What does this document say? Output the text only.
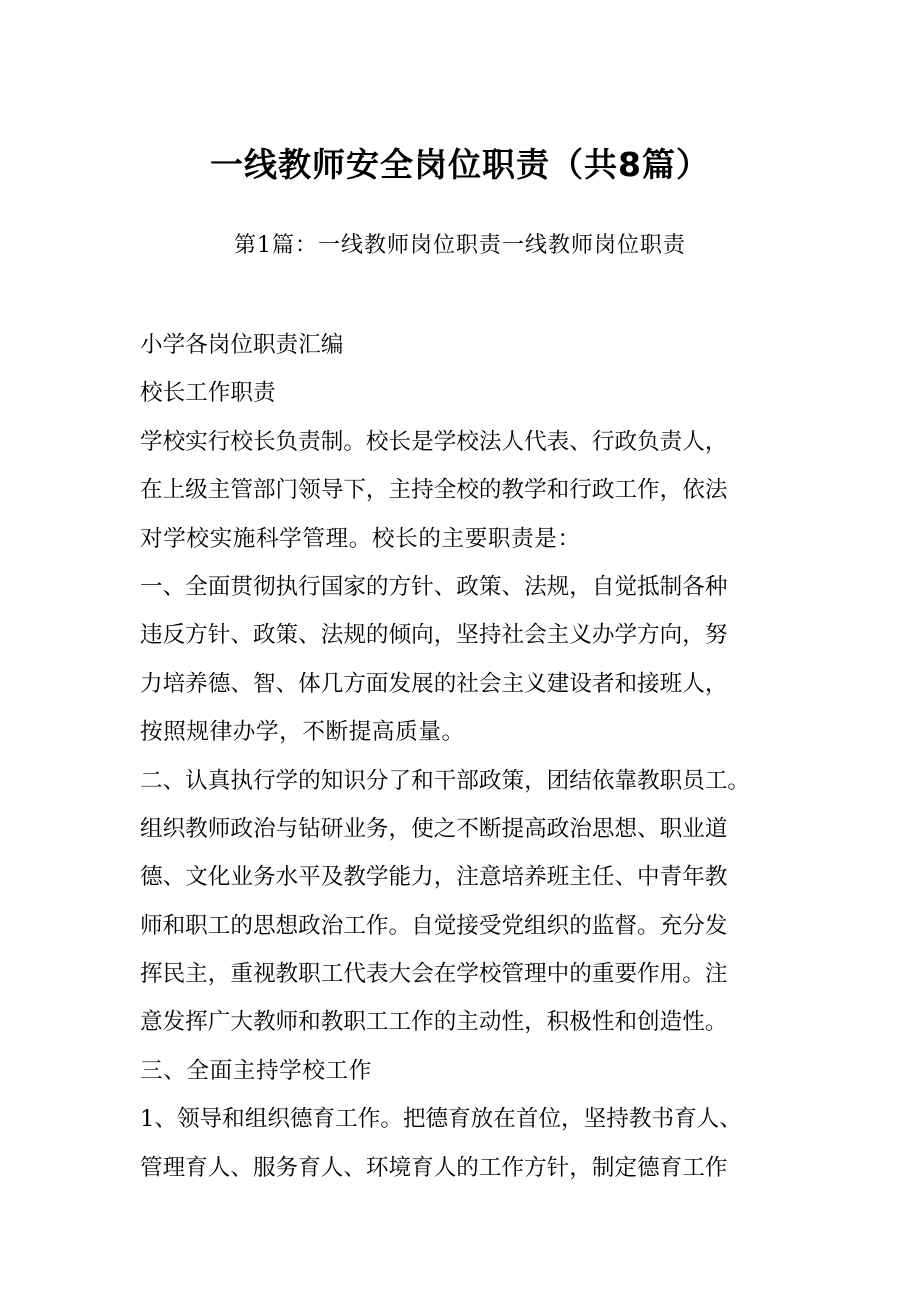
一线教师安全岗位职责（共8篇）
第1篇：一线教师岗位职责一线教师岗位职责
小学各岗位职责汇编
校长工作职责
学校实行校长负责制。校长是学校法人代表、行政负责人，
在上级主管部门领导下，主持全校的教学和行政工作，依法
对学校实施科学管理。校长的主要职责是：
一、全面贯彻执行国家的方针、政策、法规，自觉抵制各种
违反方针、政策、法规的倾向，坚持社会主义办学方向，努
力培养德、智、体几方面发展的社会主义建设者和接班人，
按照规律办学，不断提高质量。
二、认真执行学的知识分了和干部政策，团结依靠教职员工。
组织教师政治与钻研业务，使之不断提高政治思想、职业道
德、文化业务水平及教学能力，注意培养班主任、中青年教
师和职工的思想政治工作。自觉接受党组织的监督。充分发
挥民主，重视教职工代表大会在学校管理中的重要作用。注
意发挥广大教师和教职工工作的主动性，积极性和创造性。
三、全面主持学校工作
1、领导和组织德育工作。把德育放在首位，坚持教书育人、
管理育人、服务育人、环境育人的工作方针，制定德育工作
